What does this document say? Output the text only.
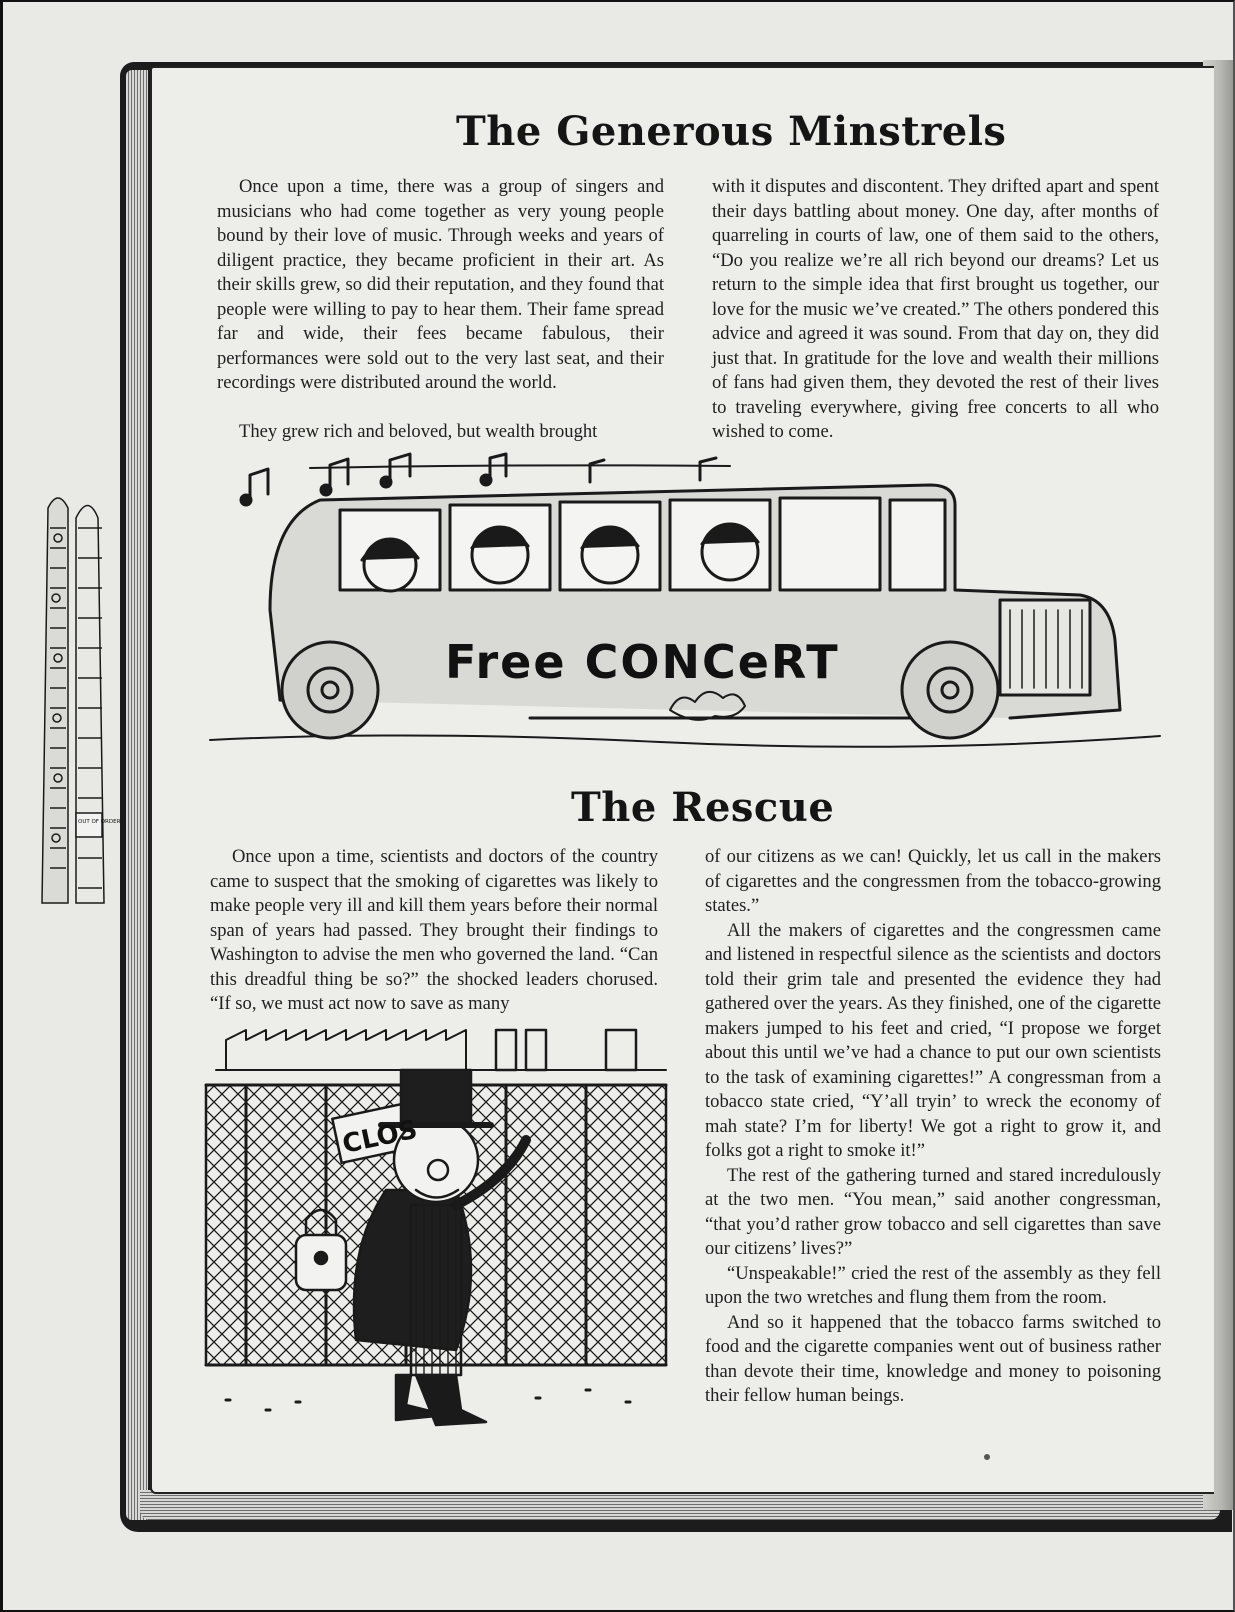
The Generous Minstrels

Once upon a time, there was a group of singers and musicians who had come together as very young people bound by their love of music. Through weeks and years of diligent practice, they became proficient in their art. As their skills grew, so did their reputation, and they found that people were willing to pay to hear them. Their fame spread far and wide, their fees became fabulous, their performances were sold out to the very last seat, and their recordings were distributed around the world.

They grew rich and beloved, but wealth brought

with it disputes and discontent. They drifted apart and spent their days battling about money. One day, after months of quarreling in courts of law, one of them said to the others, “Do you realize we’re all rich beyond our dreams? Let us return to the simple idea that first brought us together, our love for the music we’ve created.” The others pondered this advice and agreed it was sound. From that day on, they did just that. In gratitude for the love and wealth their millions of fans had given them, they devoted the rest of their lives to traveling everywhere, giving free concerts to all who wished to come.

Free CONCeRT
The Rescue

Once upon a time, scientists and doctors of the country came to suspect that the smoking of cigarettes was likely to make people very ill and kill them years before their normal span of years had passed. They brought their findings to Washington to advise the men who governed the land. “Can this dreadful thing be so?” the shocked leaders chorused. “If so, we must act now to save as many

of our citizens as we can! Quickly, let us call in the makers of cigarettes and the congressmen from the tobacco-growing states.”

All the makers of cigarettes and the congressmen came and listened in respectful silence as the scientists and doctors told their grim tale and presented the evidence they had gathered over the years. As they finished, one of the cigarette makers jumped to his feet and cried, “I propose we forget about this until we’ve had a chance to put our own scientists to the task of examining cigarettes!” A congressman from a tobacco state cried, “Y’all tryin’ to wreck the economy of mah state? I’m for liberty! We got a right to grow it, and folks got a right to smoke it!”

The rest of the gathering turned and stared incredulously at the two men. “You mean,” said another congressman, “that you’d rather grow tobacco and sell cigarettes than save our citizens’ lives?”

“Unspeakable!” cried the rest of the assembly as they fell upon the two wretches and flung them from the room.

And so it happened that the tobacco farms switched to food and the cigarette companies went out of business rather than devote their time, knowledge and money to poisoning their fellow human beings.

CLOS
OUT OF ORDER
